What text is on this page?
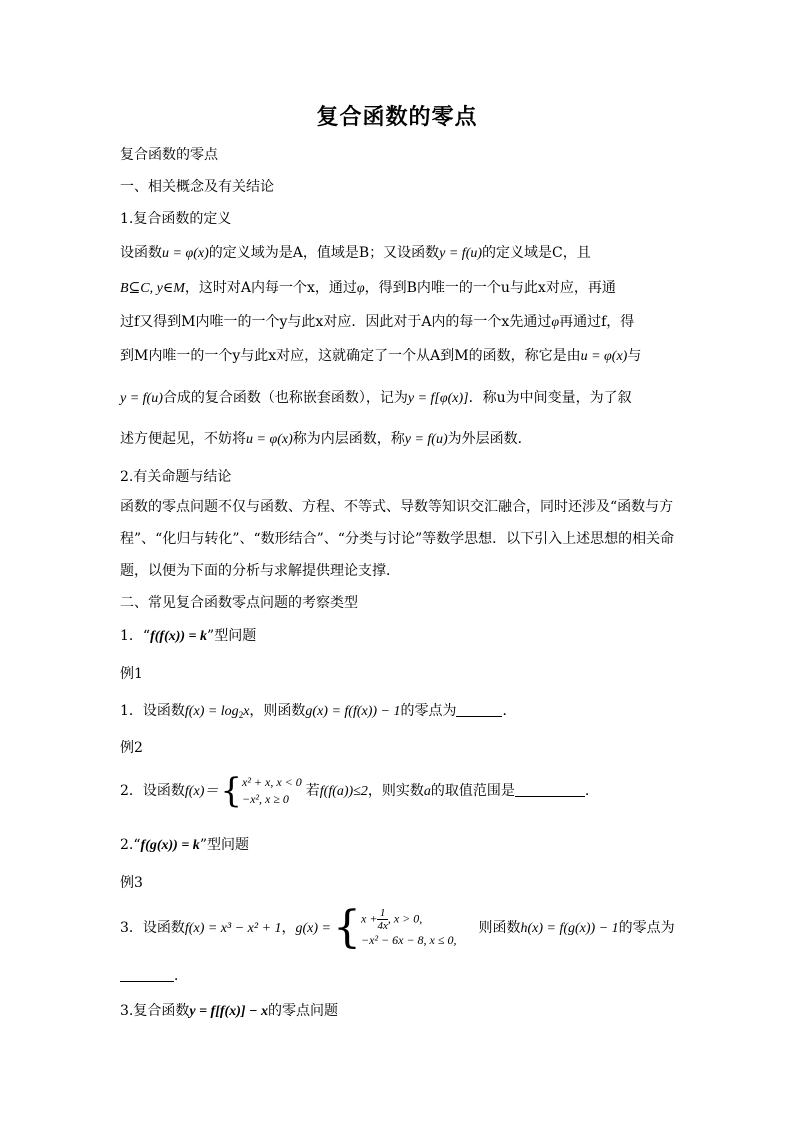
复合函数的零点
复合函数的零点
一、相关概念及有关结论
1.复合函数的定义
设函数u = φ(x)的定义域为是A，值域是B；又设函数y = f(u)的定义域是C，且
B⊆C, y∈M，这时对A内每一个x，通过φ，得到B内唯一的一个u与此x对应，再通
过f又得到M内唯一的一个y与此x对应．因此对于A内的每一个x先通过φ再通过f，得
到M内唯一的一个y与此x对应，这就确定了一个从A到M的函数，称它是由u = φ(x)与
y = f(u)合成的复合函数（也称嵌套函数），记为y = f[φ(x)]．称u为中间变量，为了叙
述方便起见，不妨将u = φ(x)称为内层函数，称y = f(u)为外层函数．
2.有关命题与结论
函数的零点问题不仅与函数、方程、不等式、导数等知识交汇融合，同时还涉及“函数与方
程”、“化归与转化”、“数形结合”、“分类与讨论”等数学思想．以下引入上述思想的相关命
题，以便为下面的分析与求解提供理论支撑．
二、常见复合函数零点问题的考察类型
1．“f(f(x)) = k”型问题
例1
1．设函数$f(x) = \log_2x$，则函数g(x) = f(f(x)) − 1的零点为	．
例2
2．设函数f(x)＝{ x² + x, x < 0
−x², x ≥ 0	若f(f(a))≤2，则实数a的取值范围是	.
2.“f(g(x)) = k”型问题
例3
3．设函数f(x) = x³ − x² + 1，g(x) ={ $x + \frac{1}{4x}$ , x > 0,
−x² − 6x − 8, x ≤ 0,
则函数h(x) = f(g(x)) − 1的零点为
．
3.复合函数y = f[f(x)] − x的零点问题
